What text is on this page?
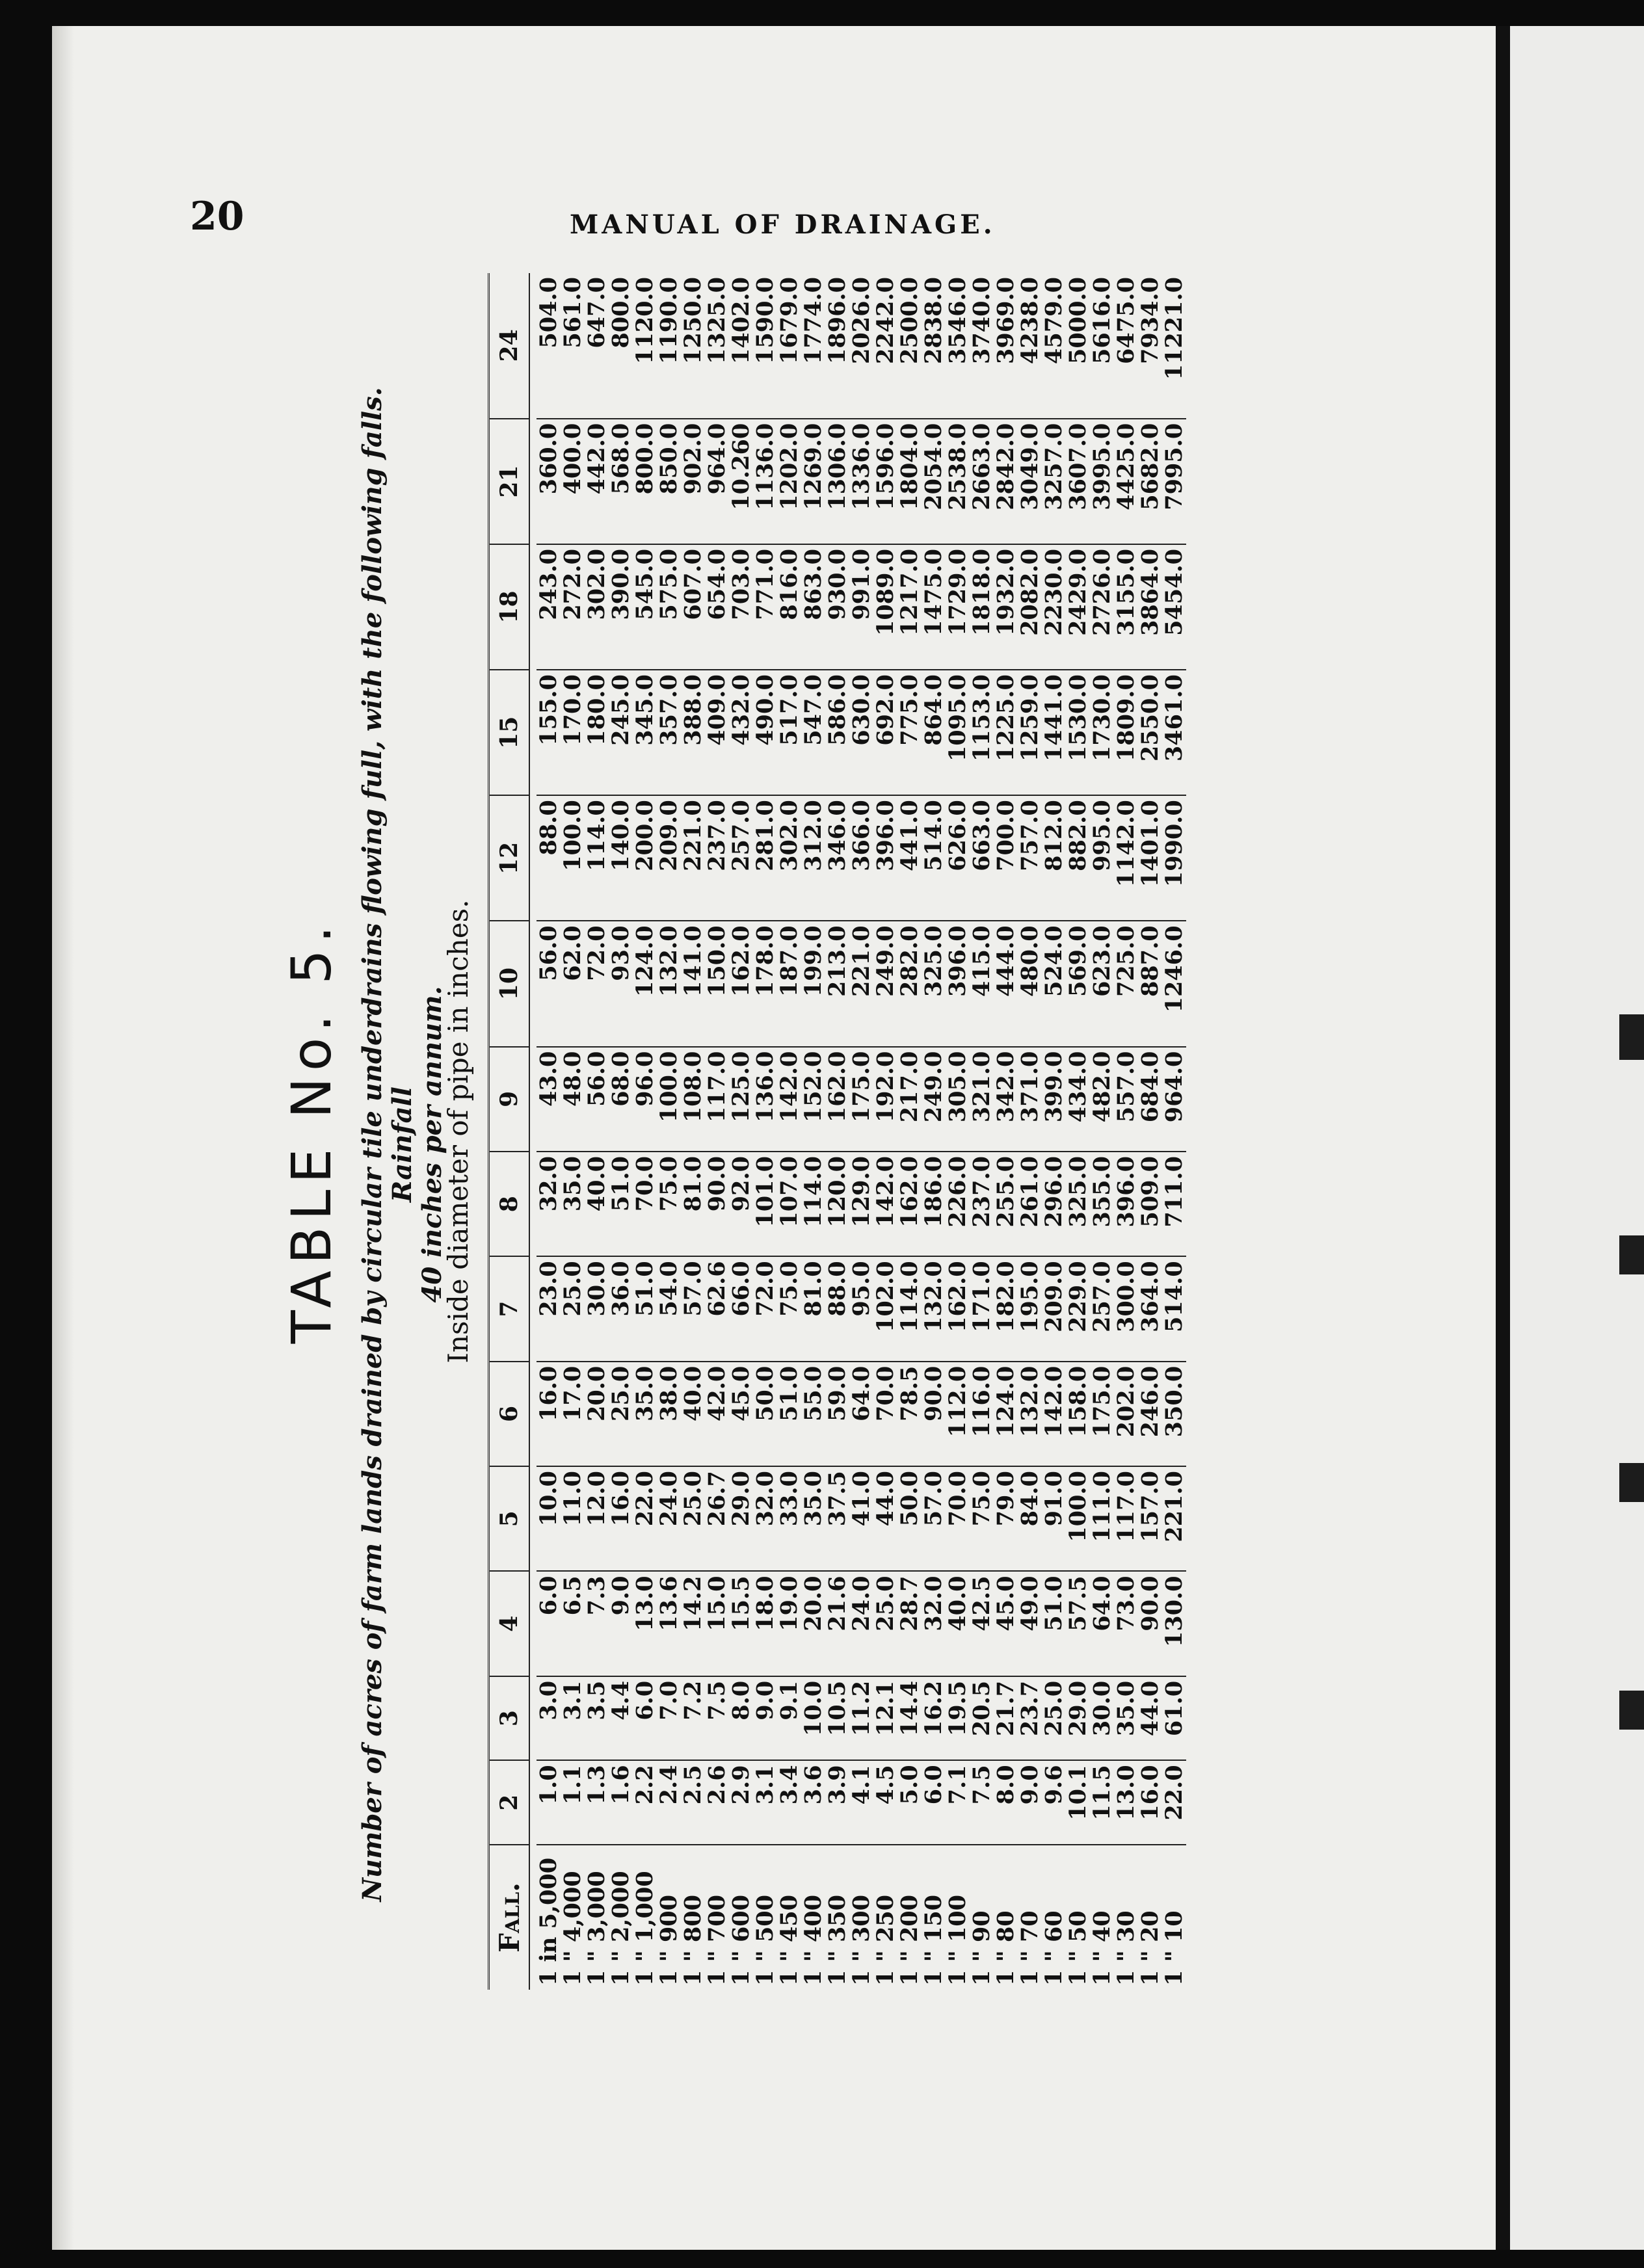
20	MANUAL OF DRAINAGE.
TABLE No. 5. Number of acres of farm lands drained by circular tile underdrains flowing full, with the following falls. Rainfall
40 inches per annum.
Inside diameter of pipe in inches.
Fall.	2	3	4	5	6	7	8	9	10	12	15	18	21	24

1 in 5,000	1.0	3.0	6.0	10.0	16.0	23.0	32.0	43.0	56.0	88.0	155.0	243.0	360.0	504.0
1 " 4,000	1.1	3.1	6.5	11.0	17.0	25.0	35.0	48.0	62.0	100.0	170.0	272.0	400.0	561.0
1 " 3,000	1.3	3.5	7.3	12.0	20.0	30.0	40.0	56.0	72.0	114.0	180.0	302.0	442.0	647.0
1 " 2,000	1.6	4.4	9.0	16.0	25.0	36.0	51.0	68.0	93.0	140.0	245.0	390.0	568.0	800.0
1 " 1,000	2.2	6.0	13.0	22.0	35.0	51.0	70.0	96.0	124.0	200.0	345.0	545.0	800.0	1120.0
1 " 900	2.4	7.0	13.6	24.0	38.0	54.0	75.0	100.0	132.0	209.0	357.0	575.0	850.0	1190.0
1 " 800	2.5	7.2	14.2	25.0	40.0	57.0	81.0	108.0	141.0	221.0	388.0	607.0	902.0	1250.0
1 " 700	2.6	7.5	15.0	26.7	42.0	62.6	90.0	117.0	150.0	237.0	409.0	654.0	964.0	1325.0
1 " 600	2.9	8.0	15.5	29.0	45.0	66.0	92.0	125.0	162.0	257.0	432.0	703.0	10.260	1402.0
1 " 500	3.1	9.0	18.0	32.0	50.0	72.0	101.0	136.0	178.0	281.0	490.0	771.0	1136.0	1590.0
1 " 450	3.4	9.1	19.0	33.0	51.0	75.0	107.0	142.0	187.0	302.0	517.0	816.0	1202.0	1679.0
1 " 400	3.6	10.0	20.0	35.0	55.0	81.0	114.0	152.0	199.0	312.0	547.0	863.0	1269.0	1774.0
1 " 350	3.9	10.5	21.6	37.5	59.0	88.0	120.0	162.0	213.0	346.0	586.0	930.0	1306.0	1896.0
1 " 300	4.1	11.2	24.0	41.0	64.0	95.0	129.0	175.0	221.0	366.0	630.0	991.0	1336.0	2026.0
1 " 250	4.5	12.1	25.0	44.0	70.0	102.0	142.0	192.0	249.0	396.0	692.0	1089.0	1596.0	2242.0
1 " 200	5.0	14.4	28.7	50.0	78.5	114.0	162.0	217.0	282.0	441.0	775.0	1217.0	1804.0	2500.0
1 " 150	6.0	16.2	32.0	57.0	90.0	132.0	186.0	249.0	325.0	514.0	864.0	1475.0	2054.0	2838.0
1 " 100	7.1	19.5	40.0	70.0	112.0	162.0	226.0	305.0	396.0	626.0	1095.0	1729.0	2538.0	3546.0
1 " 90	7.5	20.5	42.5	75.0	116.0	171.0	237.0	321.0	415.0	663.0	1153.0	1818.0	2663.0	3740.0
1 " 80	8.0	21.7	45.0	79.0	124.0	182.0	255.0	342.0	444.0	700.0	1225.0	1932.0	2842.0	3969.0
1 " 70	9.0	23.7	49.0	84.0	132.0	195.0	261.0	371.0	480.0	757.0	1259.0	2082.0	3049.0	4238.0
1 " 60	9.6	25.0	51.0	91.0	142.0	209.0	296.0	399.0	524.0	812.0	1441.0	2230.0	3257.0	4579.0
1 " 50	10.1	29.0	57.5	100.0	158.0	229.0	325.0	434.0	569.0	882.0	1530.0	2429.0	3607.0	5000.0
1 " 40	11.5	30.0	64.0	111.0	175.0	257.0	355.0	482.0	623.0	995.0	1730.0	2726.0	3995.0	5616.0
1 " 30	13.0	35.0	73.0	117.0	202.0	300.0	396.0	557.0	725.0	1142.0	1809.0	3155.0	4425.0	6475.0
1 " 20	16.0	44.0	90.0	157.0	246.0	364.0	509.0	684.0	887.0	1401.0	2550.0	3864.0	5682.0	7934.0
1 " 10	22.0	61.0	130.0	221.0	350.0	514.0	711.0	964.0	1246.0	1990.0	3461.0	5454.0	7995.0	11221.0
